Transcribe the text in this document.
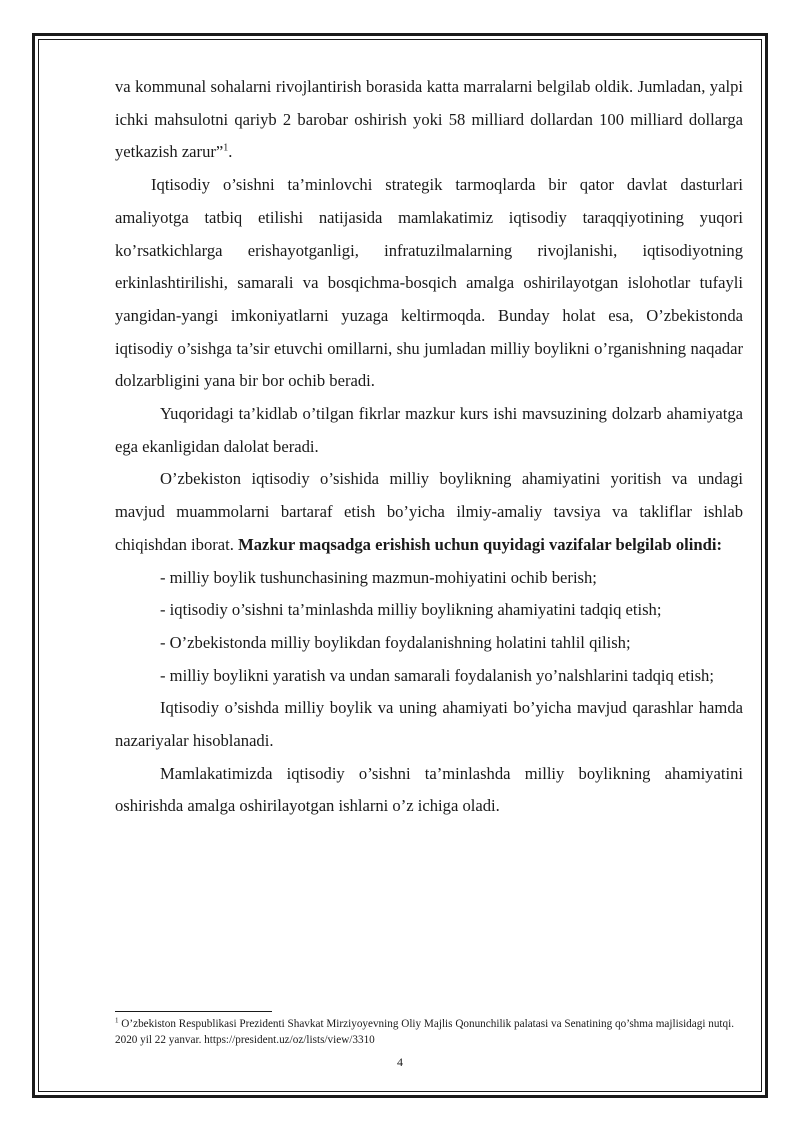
va kommunal sohalarni rivojlantirish borasida katta marralarni belgilab oldik. Jumladan, yalpi ichki mahsulotni qariyb 2 barobar oshirish yoki 58 milliard dollardan 100 milliard dollarga yetkazish zarur”$^1$.

Iqtisodiy o’sishni ta’minlovchi strategik tarmoqlarda bir qator davlat dasturlari amaliyotga tatbiq etilishi natijasida mamlakatimiz iqtisodiy taraqqiyotining yuqori ko’rsatkichlarga erishayotganligi, infratuzilmalarning rivojlanishi, iqtisodiyotning erkinlashtirilishi, samarali va bosqichma-bosqich amalga oshirilayotgan islohotlar tufayli yangidan-yangi imkoniyatlarni yuzaga keltirmoqda. Bunday holat esa, O’zbekistonda iqtisodiy o’sishga ta’sir etuvchi omillarni, shu jumladan milliy boylikni o’rganishning naqadar dolzarbligini yana bir bor ochib beradi.

Yuqoridagi ta’kidlab o’tilgan fikrlar mazkur kurs ishi mavsuzining dolzarb ahamiyatga ega ekanligidan dalolat beradi.

O’zbekiston iqtisodiy o’sishida milliy boylikning ahamiyatini yoritish va undagi mavjud muammolarni bartaraf etish bo’yicha ilmiy-amaliy tavsiya va takliflar ishlab chiqishdan iborat. Mazkur maqsadga erishish uchun quyidagi vazifalar belgilab olindi:

- milliy boylik tushunchasining mazmun-mohiyatini ochib berish;

- iqtisodiy o’sishni ta’minlashda milliy boylikning ahamiyatini tadqiq etish;

- O’zbekistonda milliy boylikdan foydalanishning holatini tahlil qilish;

- milliy boylikni yaratish va undan samarali foydalanish yo’nalshlarini tadqiq etish;

Iqtisodiy o’sishda milliy boylik va uning ahamiyati bo’yicha mavjud qarashlar hamda nazariyalar hisoblanadi.

Mamlakatimizda iqtisodiy o’sishni ta’minlashda milliy boylikning ahamiyatini oshirishda amalga oshirilayotgan ishlarni o’z ichiga oladi.

$^1$ O’zbekiston Respublikasi Prezidenti Shavkat Mirziyoyevning Oliy Majlis Qonunchilik palatasi va Senatining qo’shma majlisidagi nutqi. 2020 yil 22 yanvar. https://president.uz/oz/lists/view/3310
4
